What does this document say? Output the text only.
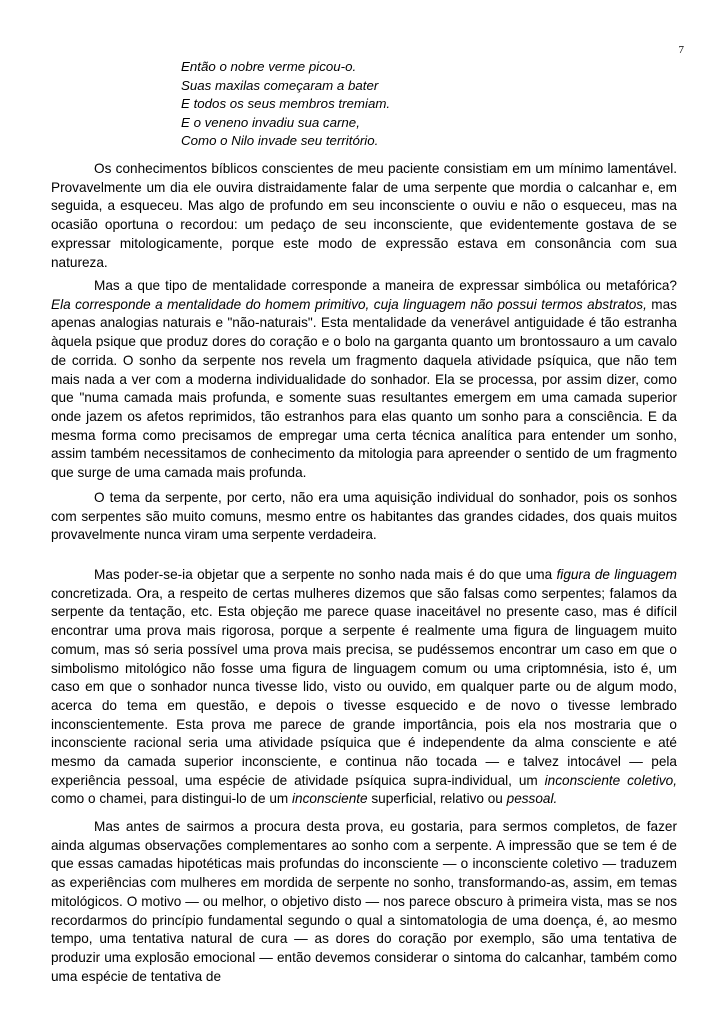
7
Então o nobre verme picou-o.
Suas maxilas começaram a bater
E todos os seus membros tremiam.
E o veneno invadiu sua carne,
Como o Nilo invade seu território.

Os conhecimentos bíblicos conscientes de meu paciente consistiam em um mínimo lamentável. Provavelmente um dia ele ouvira distraidamente falar de uma serpente que mordia o calcanhar e, em seguida, a esqueceu. Mas algo de profundo em seu inconsciente o ouviu e não o esqueceu, mas na ocasião oportuna o recordou: um pedaço de seu inconsciente, que evidentemente gostava de se expressar mitologicamente, porque este modo de expressão estava em consonância com sua natureza.

Mas a que tipo de mentalidade corresponde a maneira de expressar simbólica ou metafórica? Ela corresponde a mentalidade do homem primitivo, cuja linguagem não possui termos abstratos, mas apenas analogias naturais e "não-naturais". Esta mentalidade da venerável antiguidade é tão estranha àquela psique que produz dores do coração e o bolo na garganta quanto um brontossauro a um cavalo de corrida. O sonho da serpente nos revela um fragmento daquela atividade psíquica, que não tem mais nada a ver com a moderna individualidade do sonhador. Ela se processa, por assim dizer, como que "numa camada mais profunda, e somente suas resultantes emergem em uma camada superior onde jazem os afetos reprimidos, tão estranhos para elas quanto um sonho para a consciência. E da mesma forma como precisamos de empregar uma certa técnica analítica para entender um sonho, assim também necessitamos de conhecimento da mitologia para apreender o sentido de um fragmento que surge de uma camada mais profunda.

O tema da serpente, por certo, não era uma aquisição individual do sonhador, pois os sonhos com serpentes são muito comuns, mesmo entre os habitantes das grandes cidades, dos quais muitos provavelmente nunca viram uma serpente verdadeira.

Mas poder-se-ia objetar que a serpente no sonho nada mais é do que uma figura de linguagem concretizada. Ora, a respeito de certas mulheres dizemos que são falsas como serpentes; falamos da serpente da tentação, etc. Esta objeção me parece quase inaceitável no presente caso, mas é difícil encontrar uma prova mais rigorosa, porque a serpente é realmente uma figura de linguagem muito comum, mas só seria possível uma prova mais precisa, se pudéssemos encontrar um caso em que o simbolismo mitológico não fosse uma figura de linguagem comum ou uma criptomnésia, isto é, um caso em que o sonhador nunca tivesse lido, visto ou ouvido, em qualquer parte ou de algum modo, acerca do tema em questão, e depois o tivesse esquecido e de novo o tivesse lembrado inconscientemente. Esta prova me parece de grande importância, pois ela nos mostraria que o inconsciente racional seria uma atividade psíquica que é independente da alma consciente e até mesmo da camada superior inconsciente, e continua não tocada — e talvez intocável — pela experiência pessoal, uma espécie de atividade psíquica supra-individual, um inconsciente coletivo, como o chamei, para distingui-lo de um inconsciente superficial, relativo ou pessoal.

Mas antes de sairmos a procura desta prova, eu gostaria, para sermos completos, de fazer ainda algumas observações complementares ao sonho com a serpente. A impressão que se tem é de que essas camadas hipotéticas mais profundas do inconsciente — o inconsciente coletivo — traduzem as experiências com mulheres em mordida de serpente no sonho, transformando-as, assim, em temas mitológicos. O motivo — ou melhor, o objetivo disto — nos parece obscuro à primeira vista, mas se nos recordarmos do princípio fundamental segundo o qual a sintomatologia de uma doença, é, ao mesmo tempo, uma tentativa natural de cura — as dores do coração por exemplo, são uma tentativa de produzir uma explosão emocional — então devemos considerar o sintoma do calcanhar, também como uma espécie de tentativa de
